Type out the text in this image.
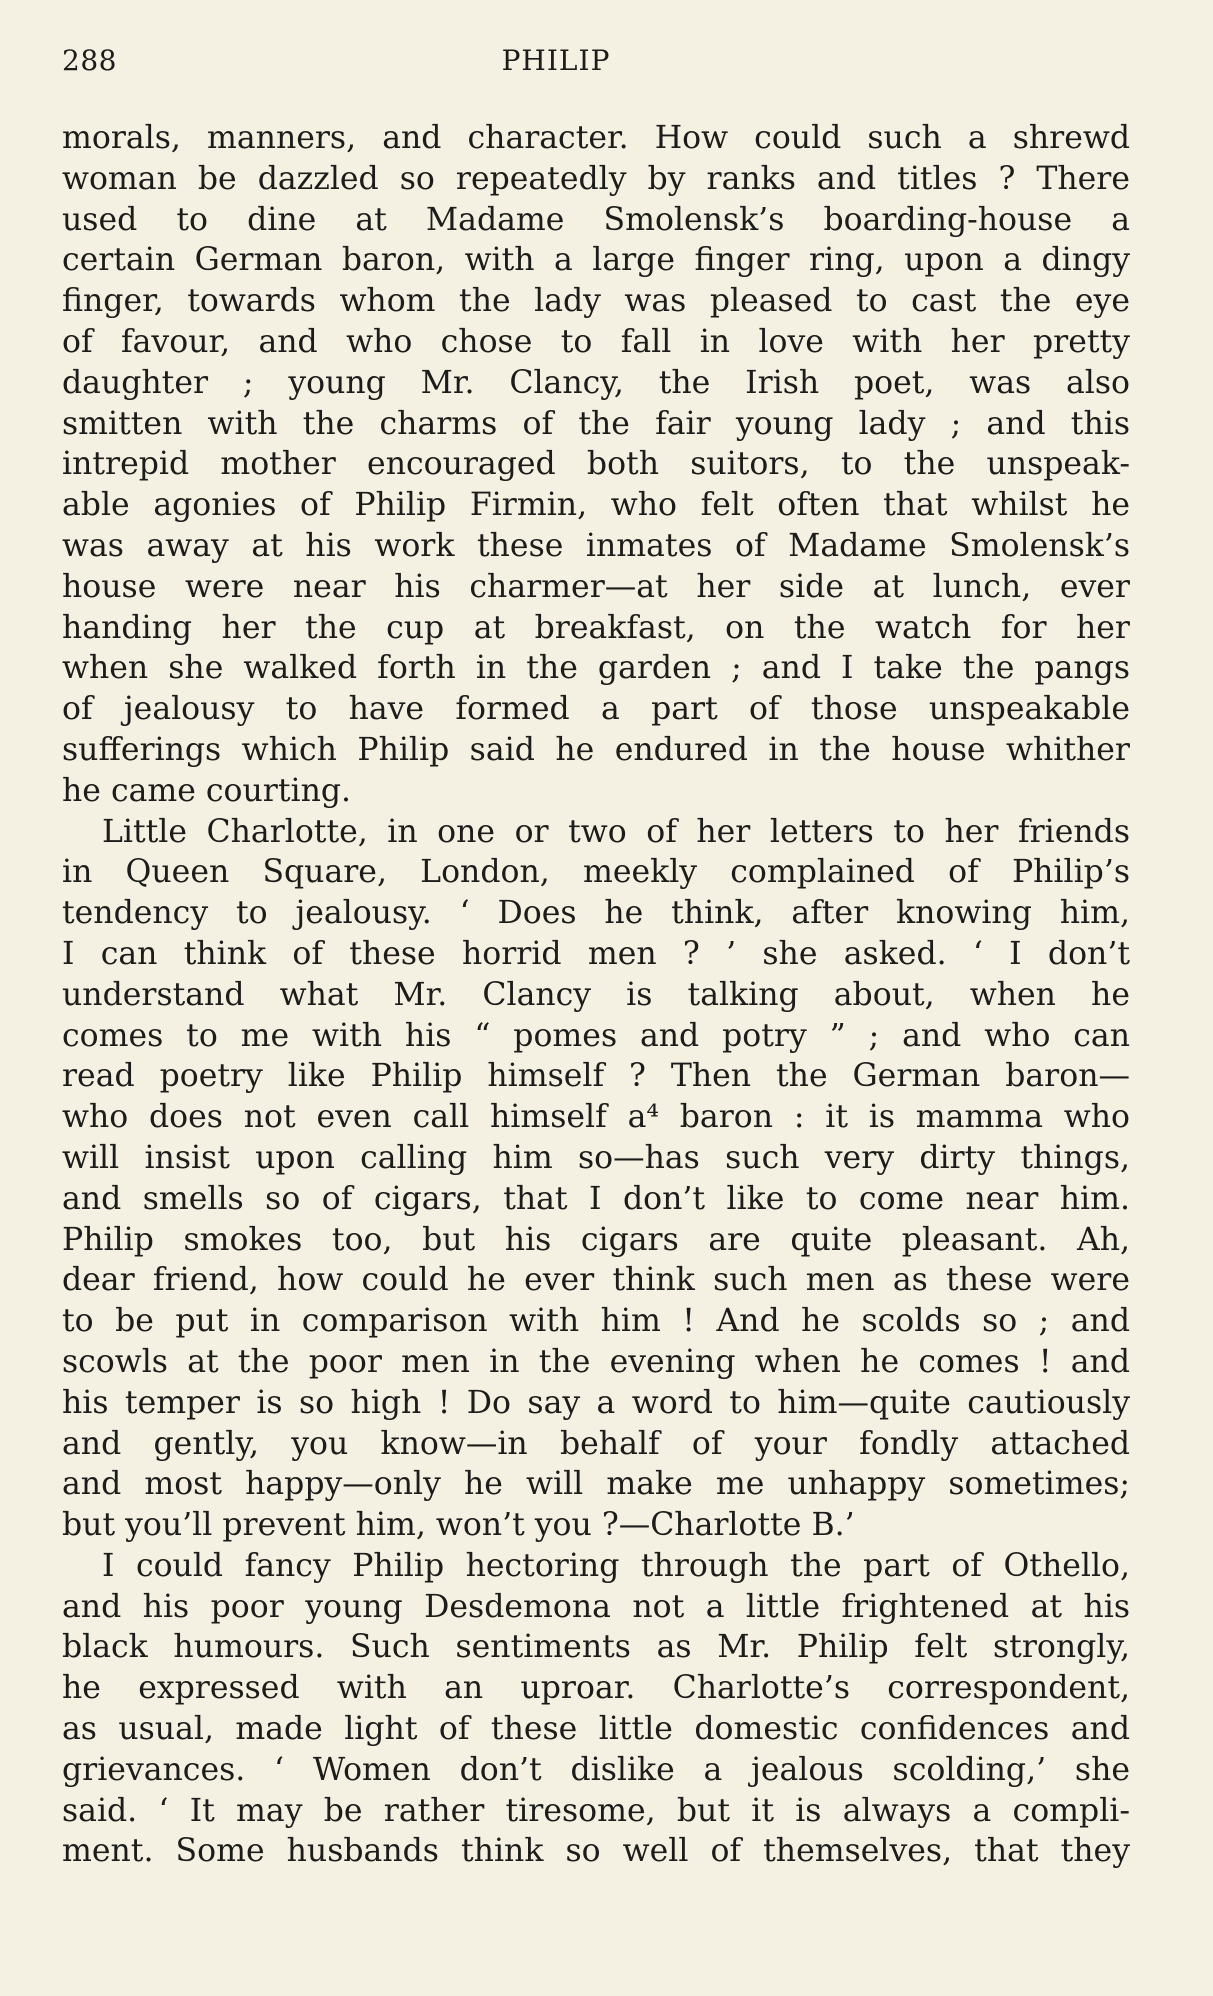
288	PHILIP
morals, manners, and character. How could such a shrewd
woman be dazzled so repeatedly by ranks and titles ? There
used to dine at Madame Smolensk’s boarding-house a
certain German baron, with a large finger ring, upon a dingy
finger, towards whom the lady was pleased to cast the eye
of favour, and who chose to fall in love with her pretty
daughter ; young Mr. Clancy, the Irish poet, was also
smitten with the charms of the fair young lady ; and this
intrepid mother encouraged both suitors, to the unspeak-
able agonies of Philip Firmin, who felt often that whilst he
was away at his work these inmates of Madame Smolensk’s
house were near his charmer—at her side at lunch, ever
handing her the cup at breakfast, on the watch for her
when she walked forth in the garden ; and I take the pangs
of jealousy to have formed a part of those unspeakable
sufferings which Philip said he endured in the house whither
he came courting.
Little Charlotte, in one or two of her letters to her friends
in Queen Square, London, meekly complained of Philip’s
tendency to jealousy. ‘ Does he think, after knowing him,
I can think of these horrid men ? ’ she asked. ‘ I don’t
understand what Mr. Clancy is talking about, when he
comes to me with his “ pomes and potry ” ; and who can
read poetry like Philip himself ? Then the German baron—
who does not even call himself a⁴ baron : it is mamma who
will insist upon calling him so—has such very dirty things,
and smells so of cigars, that I don’t like to come near him.
Philip smokes too, but his cigars are quite pleasant. Ah,
dear friend, how could he ever think such men as these were
to be put in comparison with him ! And he scolds so ; and
scowls at the poor men in the evening when he comes ! and
his temper is so high ! Do say a word to him—quite cautiously
and gently, you know—in behalf of your fondly attached
and most happy—only he will make me unhappy sometimes;
but you’ll prevent him, won’t you ?—Charlotte B.’
I could fancy Philip hectoring through the part of Othello,
and his poor young Desdemona not a little frightened at his
black humours. Such sentiments as Mr. Philip felt strongly,
he expressed with an uproar. Charlotte’s correspondent,
as usual, made light of these little domestic confidences and
grievances. ‘ Women don’t dislike a jealous scolding,’ she
said. ‘ It may be rather tiresome, but it is always a compli-
ment. Some husbands think so well of themselves, that they
